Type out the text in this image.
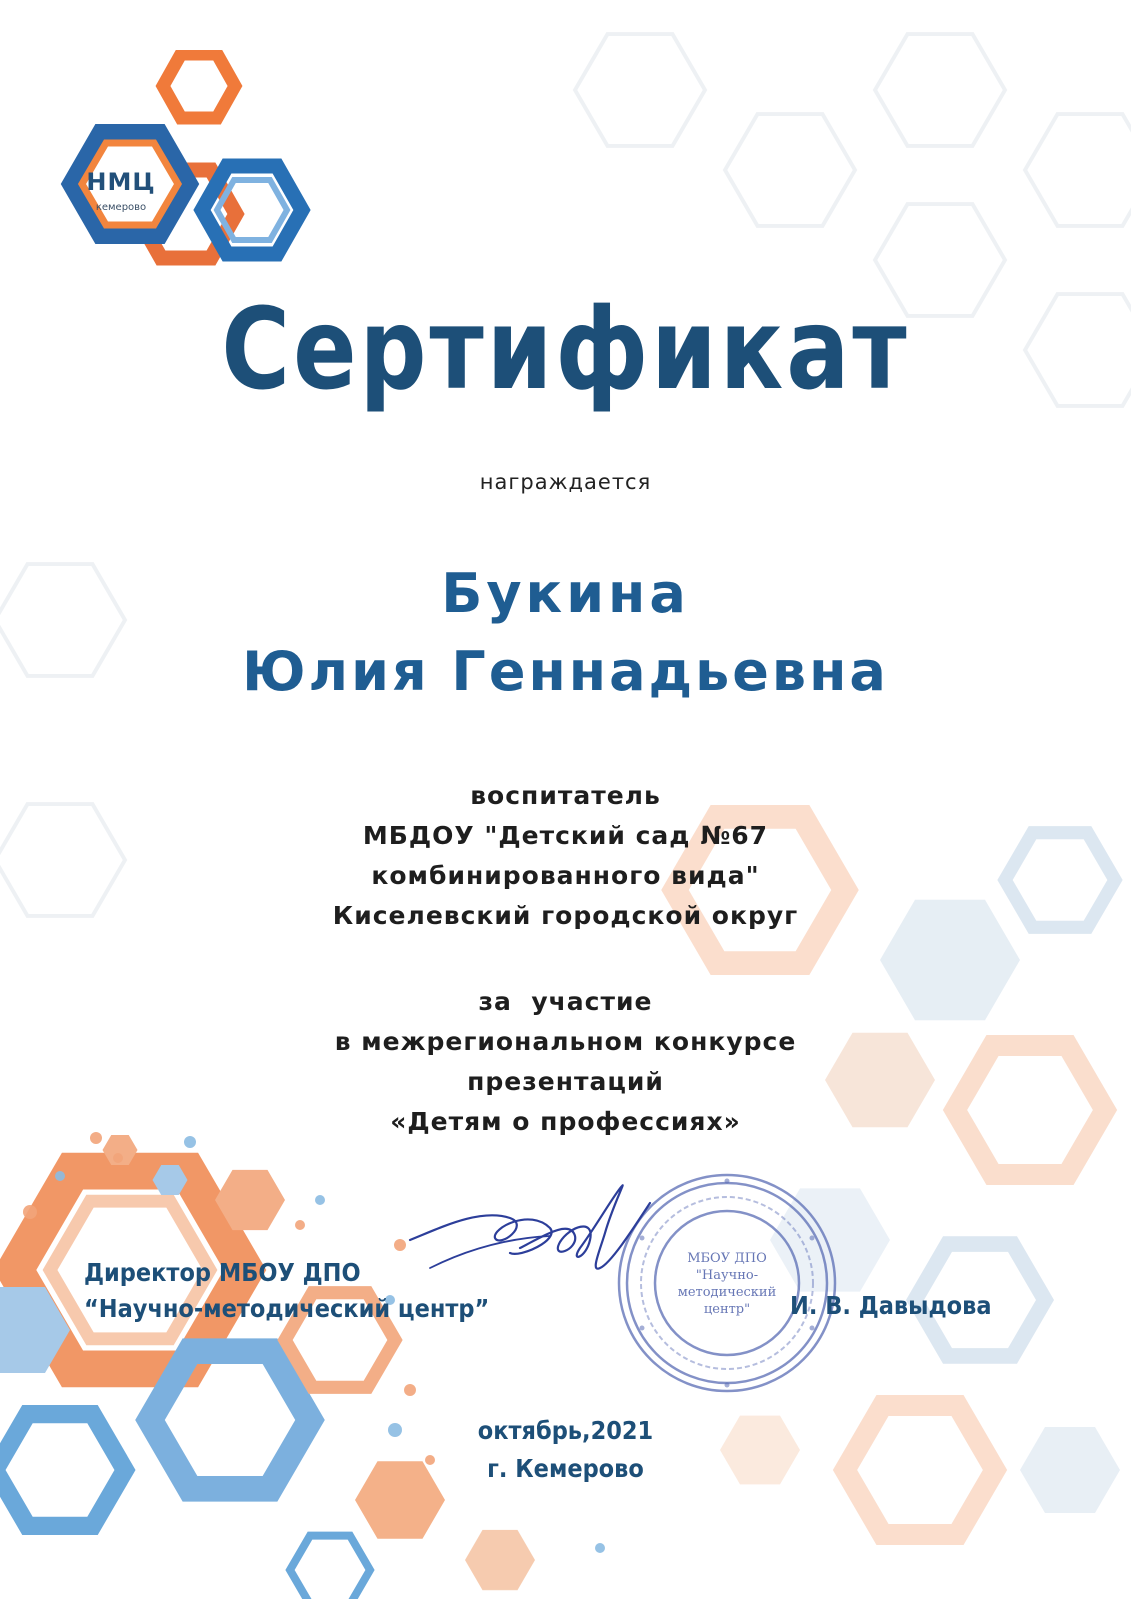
НМЦ
кемерово
Сертификат
награждается
Букина
Юлия Геннадьевна
воспитатель
МБДОУ "Детский сад №67
комбинированного вида"
Киселевский городской округ
за  участие
в межрегиональном конкурсе
презентаций
«Детям о профессиях»
МБОУ ДПО
"Научно-
методический
центр"
Директор МБОУ ДПО
“Научно-методический центр”	И. В. Давыдова
октябрь,2021
г. Кемерово
